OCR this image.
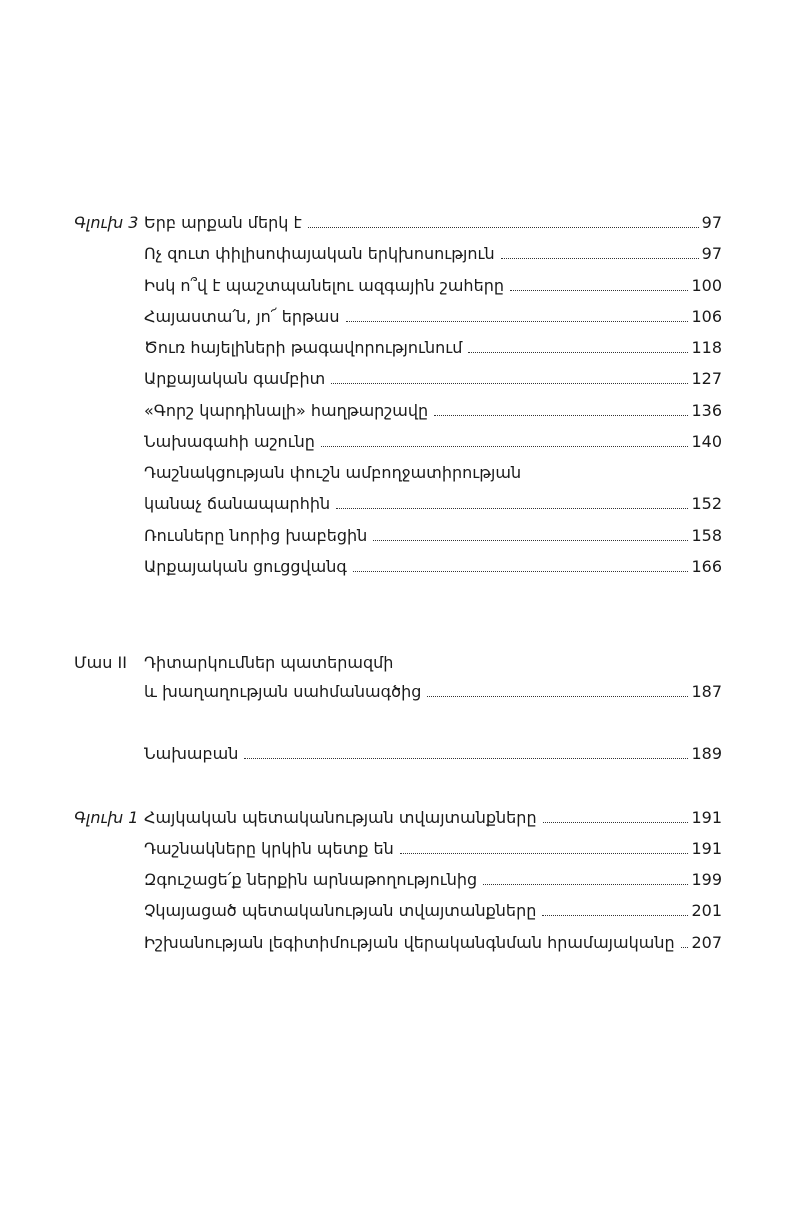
Գլուխ 3 Երբ արքան մերկ է	97
Ոչ զուտ փիլիսոփայական երկխոսություն	97
Իսկ ո՞վ է պաշտպանելու ազգային շահերը	100
Հայաստա՛ն, յո՜ երթաս	106
Ծուռ հայելիների թագավորությունում	118
Արքայական գամբիտ	127
«Գորշ կարդինալի» հաղթարշավը	136
Նախագահի աշունը	140
Դաշնակցության փուշն ամբողջատիրության
կանաչ ճանապարհին	152
Ռուսները նորից խաբեցին	158
Արքայական ցուցցվանգ	166
Մաս II Դիտարկումներ պատերազմի
և խաղաղության սահմանագծից	187
Նախաբան	189
Գլուխ 1 Հայկական պետականության տվայտանքները	191
Դաշնակները կրկին պետք են	191
Զգուշացե՛ք ներքին արնաթողությունից	199
Չկայացած պետականության տվայտանքները	201
Իշխանության լեգիտիմության վերականգնման հրամայականը 207
